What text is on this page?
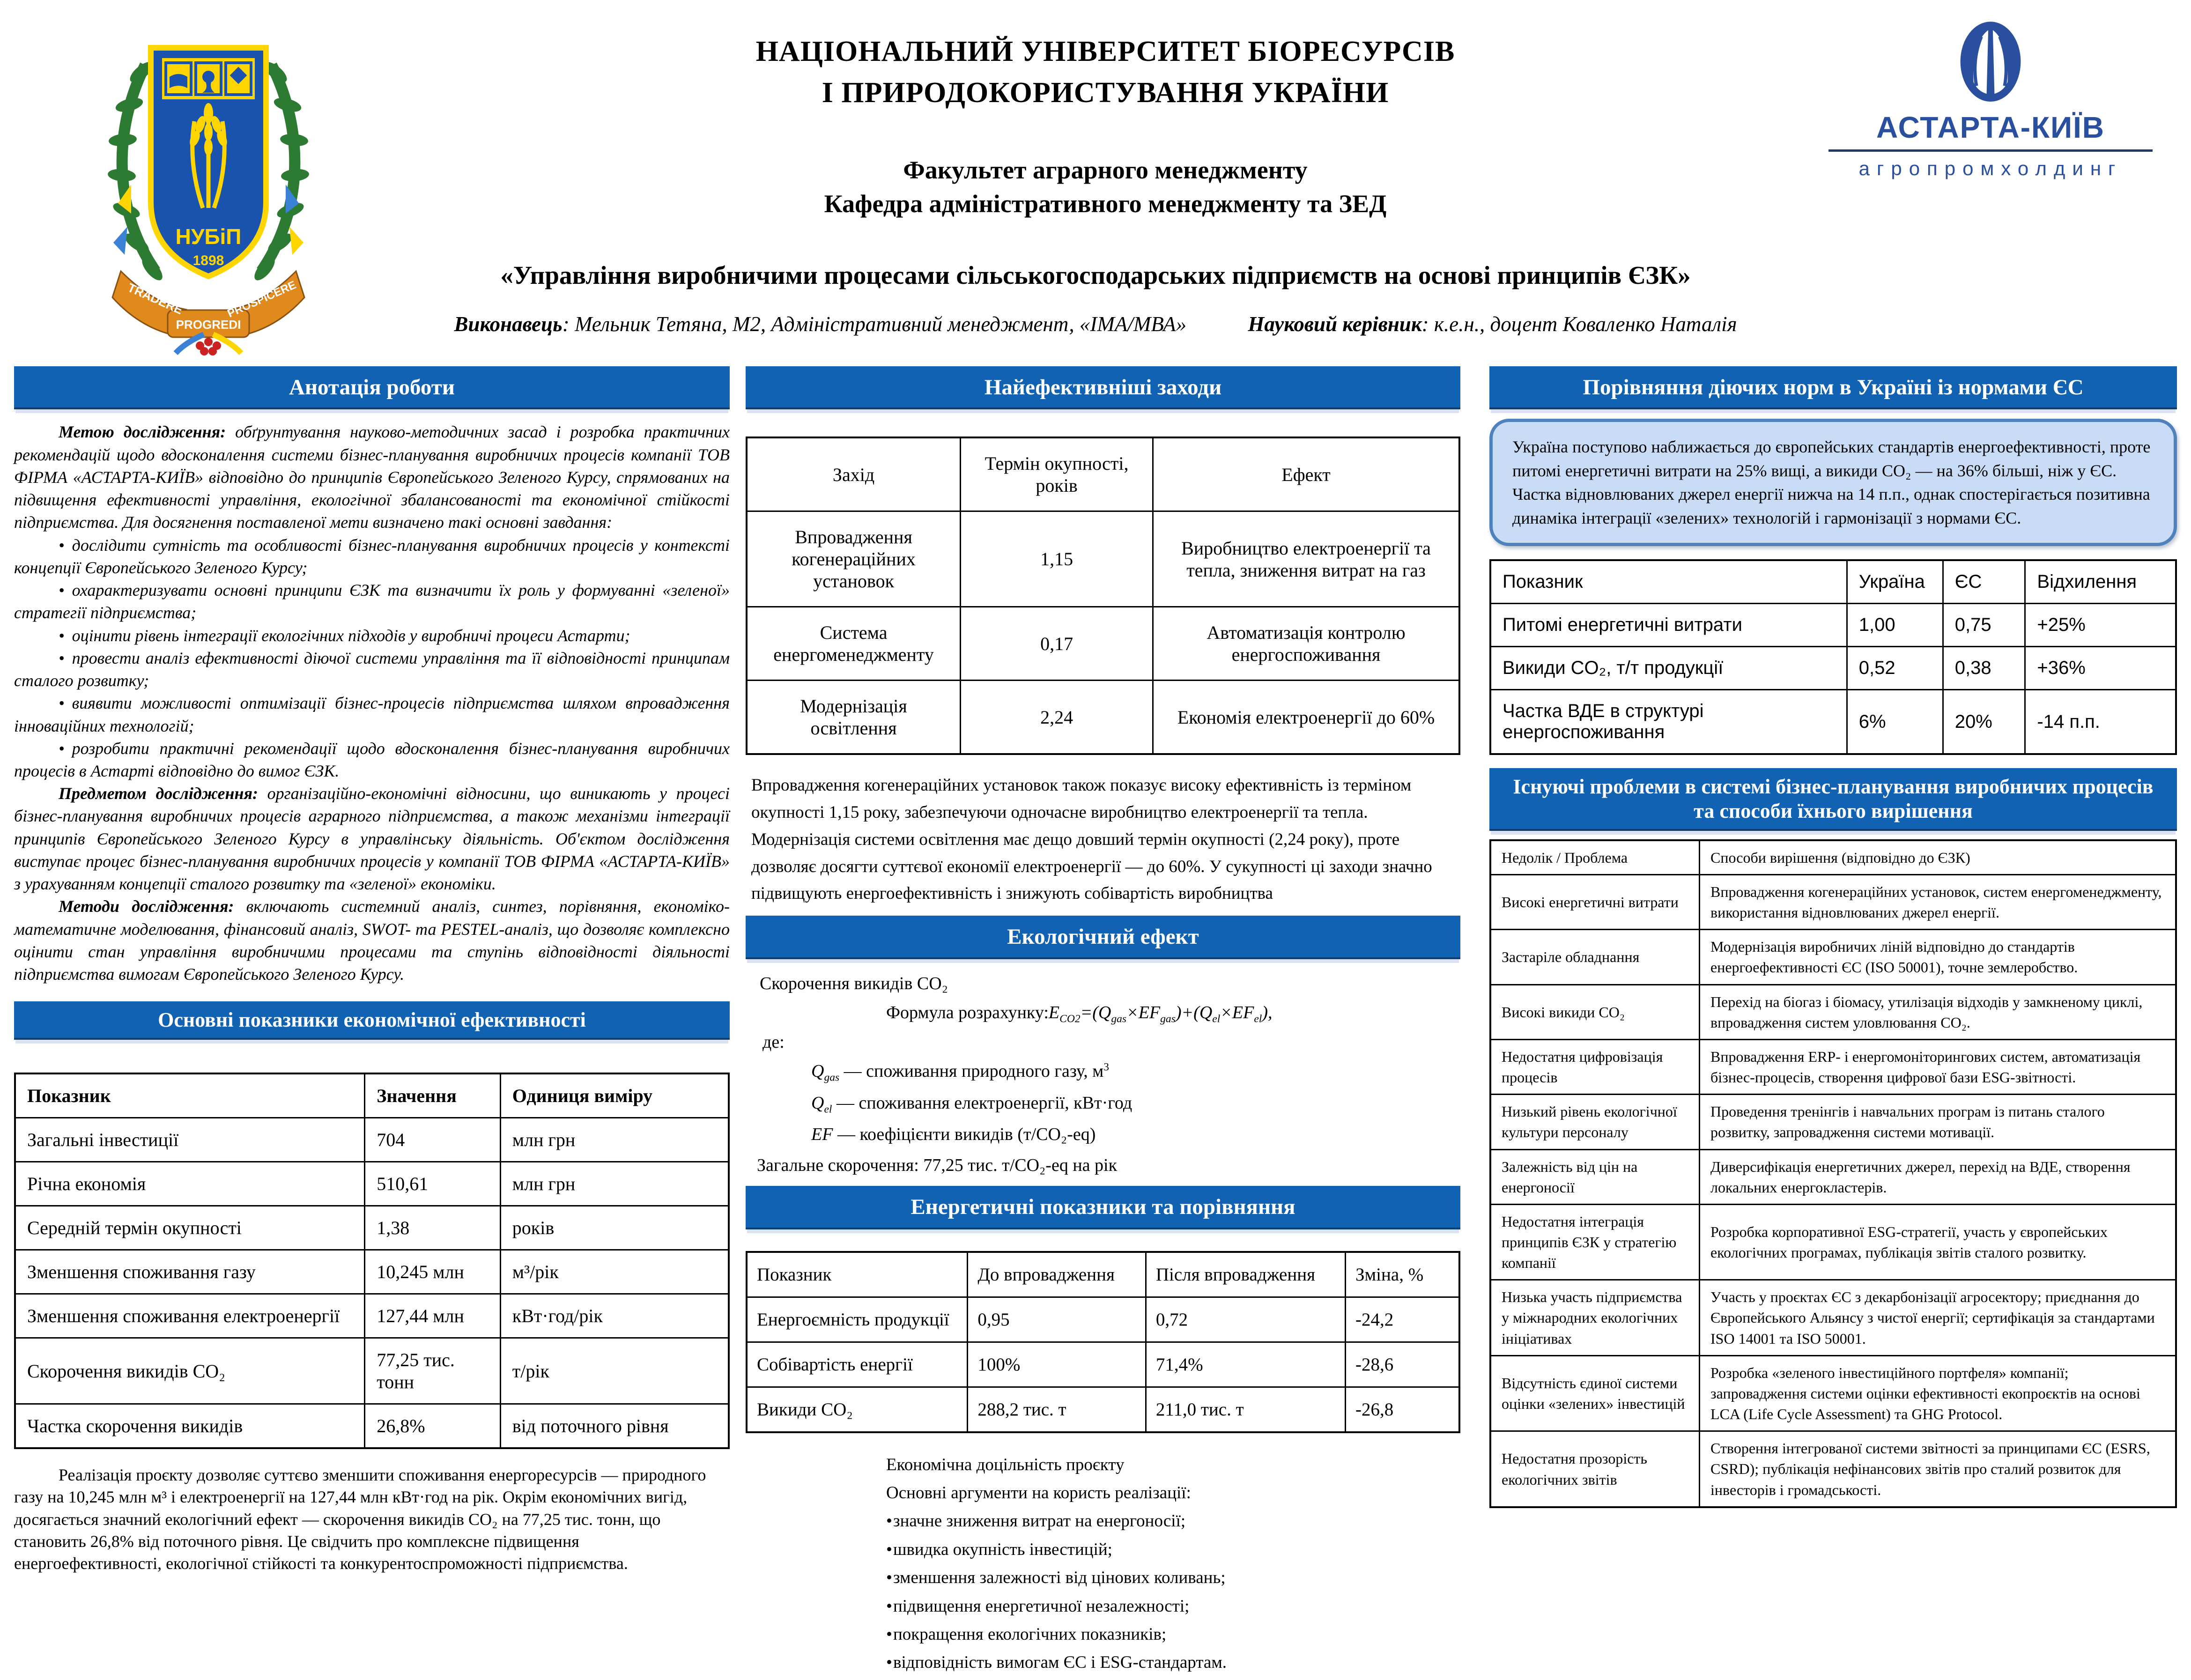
НУБіП
1898
TRADERE
PROGREDI
PROSPICERE
НАЦІОНАЛЬНИЙ УНІВЕРСИТЕТ БІОРЕСУРСІВ
І ПРИРОДОКОРИСТУВАННЯ УКРАЇНИ
Факультет аграрного менеджменту
Кафедра адміністративного менеджменту та ЗЕД
АСТАРТА-КИЇВ
агропромхолдинг
«Управління виробничими процесами сільськогосподарських підприємств на основі принципів ЄЗК»
Виконавець: Мельник Тетяна, М2, Адміністративний менеджмент, «ІМА/МВА»	Науковий керівник: к.е.н., доцент Коваленко Наталія
Анотація роботи

Метою дослідження: обґрунтування науково-методичних засад і розробка практичних рекомендацій щодо вдосконалення системи бізнес-планування виробничих процесів компанії ТОВ ФІРМА «АСТАРТА-КИЇВ» відповідно до принципів Європейського Зеленого Курсу, спрямованих на підвищення ефективності управління, екологічної збалансованості та економічної стійкості підприємства. Для досягнення поставленої мети визначено такі основні завдання:

• дослідити сутність та особливості бізнес-планування виробничих процесів у контексті концепції Європейського Зеленого Курсу;

• охарактеризувати основні принципи ЄЗК та визначити їх роль у формуванні «зеленої» стратегії підприємства;

• оцінити рівень інтеграції екологічних підходів у виробничі процеси Астарти;

• провести аналіз ефективності діючої системи управління та її відповідності принципам сталого розвитку;

• виявити можливості оптимізації бізнес-процесів підприємства шляхом впровадження інноваційних технологій;

• розробити практичні рекомендації щодо вдосконалення бізнес-планування виробничих процесів в Астарті відповідно до вимог ЄЗК.

Предметом дослідження: організаційно-економічні відносини, що виникають у процесі бізнес-планування виробничих процесів аграрного підприємства, а також механізми інтеграції принципів Європейського Зеленого Курсу в управлінську діяльність. Об'єктом дослідження виступає процес бізнес-планування виробничих процесів у компанії ТОВ ФІРМА «АСТАРТА-КИЇВ» з урахуванням концепції сталого розвитку та «зеленої» економіки.

Методи дослідження: включають системний аналіз, синтез, порівняння, економіко-математичне моделювання, фінансовий аналіз, SWOT- та PESTEL-аналіз, що дозволяє комплексно оцінити стан управління виробничими процесами та ступінь відповідності діяльності підприємства вимогам Європейського Зеленого Курсу.

Основні показники економічної ефективності
Показник	Значення	Одиниця виміру
Загальні інвестиції	704	млн грн
Річна економія	510,61	млн грн
Середній термін окупності	1,38	років
Зменшення споживання газу	10,245 млн	м³/рік
Зменшення споживання електроенергії	127,44 млн	кВт·год/рік
Скорочення викидів CO₂	77,25 тис. тонн	т/рік
Частка скорочення викидів	26,8%	від поточного рівня

Реалізація проєкту дозволяє суттєво зменшити споживання енергоресурсів — природного газу на 10,245 млн м³ і електроенергії на 127,44 млн кВт·год на рік. Окрім економічних вигід, досягається значний екологічний ефект — скорочення викидів CO₂ на 77,25 тис. тонн, що становить 26,8% від поточного рівня. Це свідчить про комплексне підвищення енергоефективності, екологічної стійкості та конкурентоспроможності підприємства.

Найефективніші заходи
Захід	Термін окупності, років	Ефект
Впровадження когенераційних установок	1,15	Виробництво електроенергії та тепла, зниження витрат на газ
Система енергоменеджменту	0,17	Автоматизація контролю енергоспоживання
Модернізація освітлення	2,24	Економія електроенергії до 60%
Впровадження когенераційних установок також показує високу ефективність із терміном окупності 1,15 року, забезпечуючи одночасне виробництво електроенергії та тепла. Модернізація системи освітлення має дещо довший термін окупності (2,24 року), проте дозволяє досягти суттєвої економії електроенергії — до 60%. У сукупності ці заходи значно підвищують енергоефективність і знижують собівартість виробництва
Екологічний ефект
Скорочення викидів CO₂
Формула $розрахунку:E_{CO2}=(Q_{gas}\times EF_{gas})+(Q_{el}\times EF_{el})$,
де:
$Q_{gas}$ — споживання природного газу, $м^3$
$Q_{el}$ — споживання електроенергії, кВт·год
EF — коефіцієнти викидів (т/CO₂-eq)
Загальне скорочення: 77,25 тис. т/CO₂-eq на рік
Енергетичні показники та порівняння
Показник	До впровадження	Після впровадження	Зміна, %
Енергоємність продукції	0,95	0,72	-24,2
Собівартість енергії	100%	71,4%	-28,6
Викиди CO₂	288,2 тис. т	211,0 тис. т	-26,8
Економічна доцільність проєкту
Основні аргументи на користь реалізації:
•значне зниження витрат на енергоносії;
•швидка окупність інвестицій;
•зменшення залежності від цінових коливань;
•підвищення енергетичної незалежності;
•покращення екологічних показників;
•відповідність вимогам ЄС і ESG-стандартам.
Порівняння діючих норм в Україні із нормами ЄС
Україна поступово наближається до європейських стандартів енергоефективності, проте питомі енергетичні витрати на 25% вищі, а викиди CO₂ — на 36% більші, ніж у ЄС. Частка відновлюваних джерел енергії нижча на 14 п.п., однак спостерігається позитивна динаміка інтеграції «зелених» технологій і гармонізації з нормами ЄС.
Показник	Україна	ЄС	Відхилення
Питомі енергетичні витрати	1,00	0,75	+25%
Викиди CO₂, т/т продукції	0,52	0,38	+36%
Частка ВДЕ в структурі енергоспоживання	6%	20%	-14 п.п.
Існуючі проблеми в системі бізнес-планування виробничих процесів
та способи їхнього вирішення
Недолік / Проблема	Способи вирішення (відповідно до ЄЗК)
Високі енергетичні витрати	Впровадження когенераційних установок, систем енергоменеджменту, використання відновлюваних джерел енергії.
Застаріле обладнання	Модернізація виробничих ліній відповідно до стандартів енергоефективності ЄС (ISO 50001), точне землеробство.
Високі викиди CO₂	Перехід на біогаз і біомасу, утилізація відходів у замкненому циклі, впровадження систем уловлювання CO₂.
Недостатня цифровізація процесів	Впровадження ERP- і енергомоніторингових систем, автоматизація бізнес-процесів, створення цифрової бази ESG-звітності.
Низький рівень екологічної культури персоналу	Проведення тренінгів і навчальних програм із питань сталого розвитку, запровадження системи мотивації.
Залежність від цін на енергоносії	Диверсифікація енергетичних джерел, перехід на ВДЕ, створення локальних енергокластерів.
Недостатня інтеграція принципів ЄЗК у стратегію компанії	Розробка корпоративної ESG-стратегії, участь у європейських екологічних програмах, публікація звітів сталого розвитку.
Низька участь підприємства у міжнародних екологічних ініціативах	Участь у проєктах ЄС з декарбонізації агросектору; приєднання до Європейського Альянсу з чистої енергії; сертифікація за стандартами ISO 14001 та ISO 50001.
Відсутність єдиної системи оцінки «зелених» інвестицій	Розробка «зеленого інвестиційного портфеля» компанії; запровадження системи оцінки ефективності екопроєктів на основі LCA (Life Cycle Assessment) та GHG Protocol.
Недостатня прозорість екологічних звітів	Створення інтегрованої системи звітності за принципами ЄС (ESRS, CSRD); публікація нефінансових звітів про сталий розвиток для інвесторів і громадськості.
